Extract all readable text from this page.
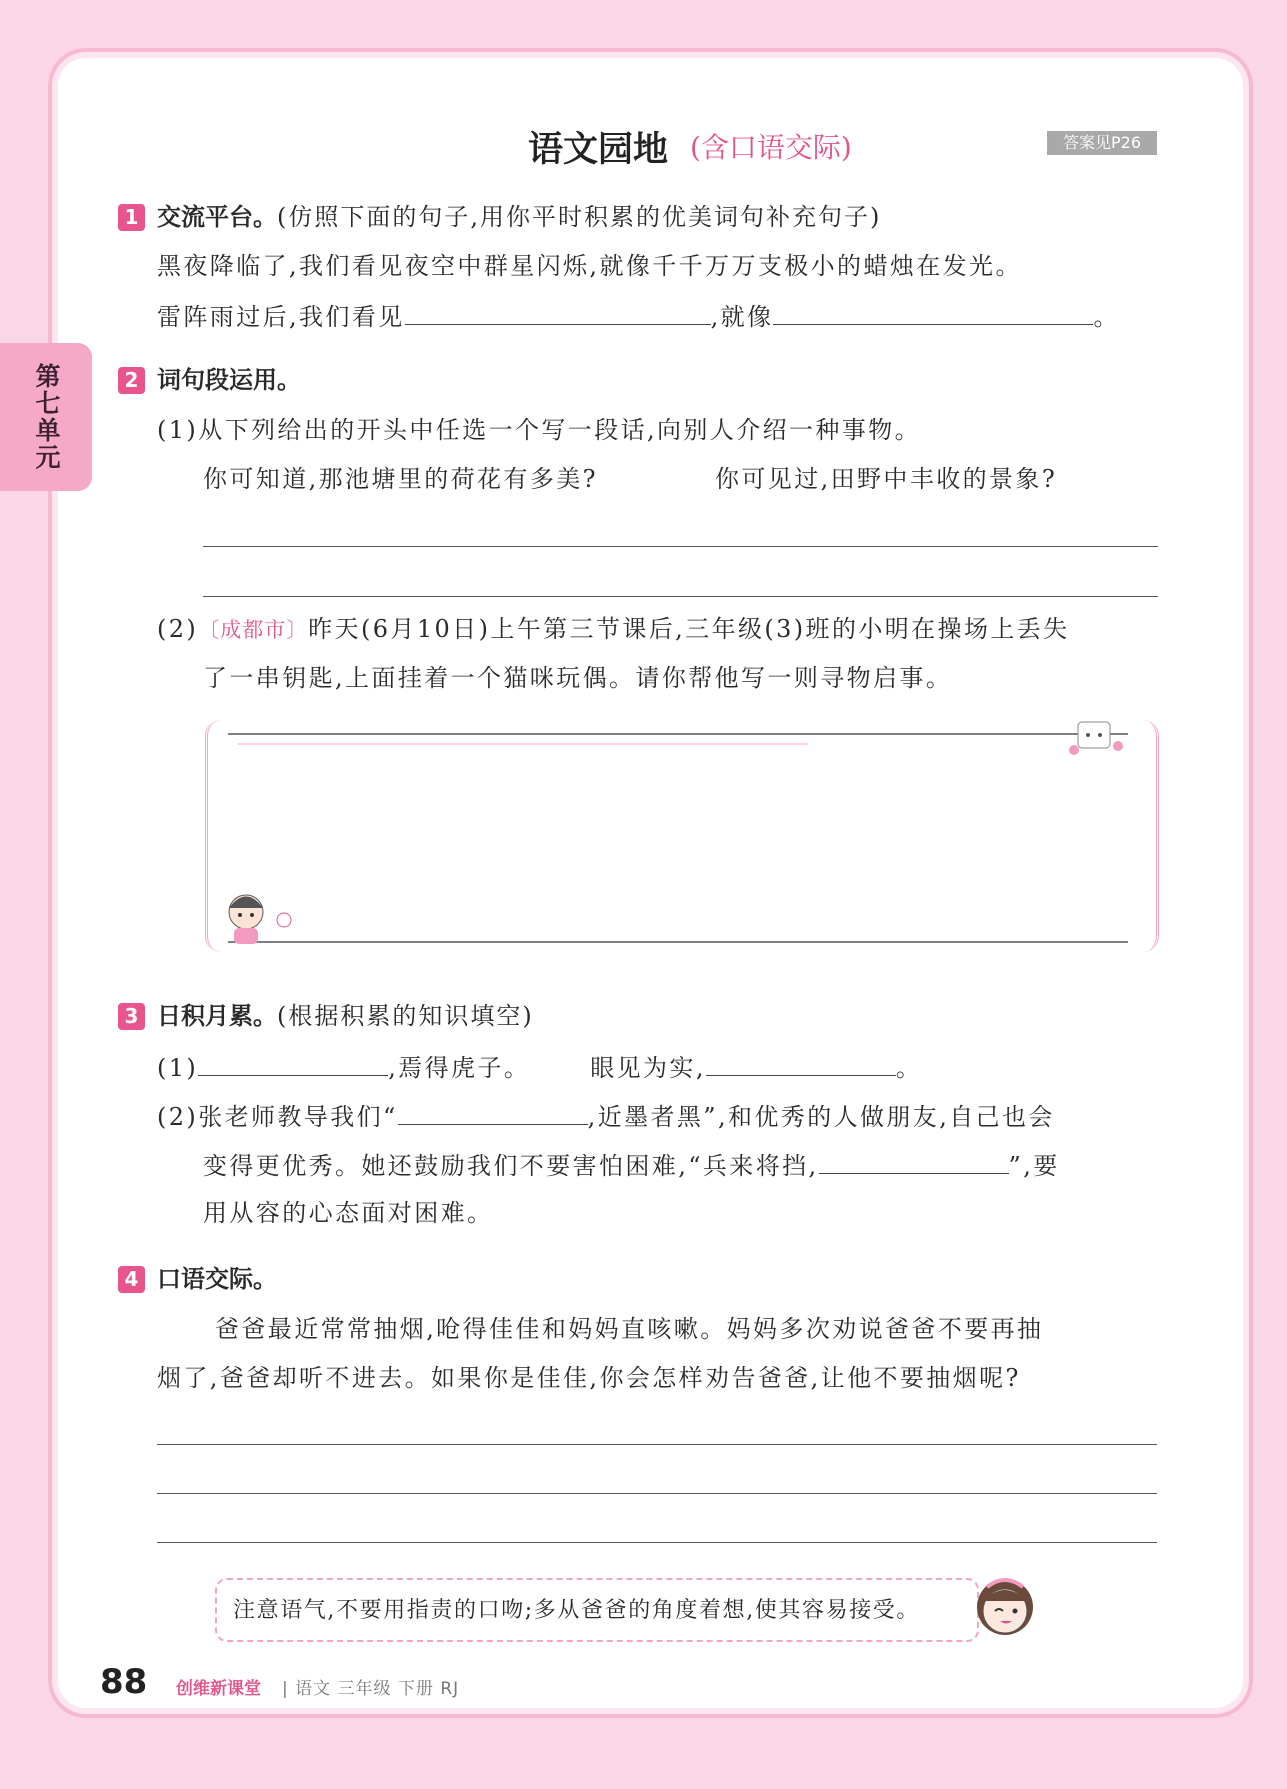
第七单元
语文园地 (含口语交际)	答案见P26
1 交流平台。(仿照下面的句子,用你平时积累的优美词句补充句子)
黑夜降临了,我们看见夜空中群星闪烁,就像千千万万支极小的蜡烛在发光。
雷阵雨过后,我们看见	,就像	。
2 词句段运用。
(1)从下列给出的开头中任选一个写一段话,向别人介绍一种事物。
你可知道,那池塘里的荷花有多美?	你可见过,田野中丰收的景象?
(2)〔成都市〕昨天(6月10日)上午第三节课后,三年级(3)班的小明在操场上丢失
了一串钥匙,上面挂着一个猫咪玩偶。请你帮他写一则寻物启事。
3 日积月累。(根据积累的知识填空)
(1)	,焉得虎子。	眼见为实,	。
(2)张老师教导我们“	,近墨者黑”,和优秀的人做朋友,自己也会
变得更优秀。她还鼓励我们不要害怕困难,“兵来将挡,	”,要
用从容的心态面对困难。
4 口语交际。
爸爸最近常常抽烟,呛得佳佳和妈妈直咳嗽。妈妈多次劝说爸爸不要再抽
烟了,爸爸却听不进去。如果你是佳佳,你会怎样劝告爸爸,让他不要抽烟呢?
注意语气,不要用指责的口吻;多从爸爸的角度着想,使其容易接受。
88 创维新课堂 | 语文 三年级 下册 RJ
